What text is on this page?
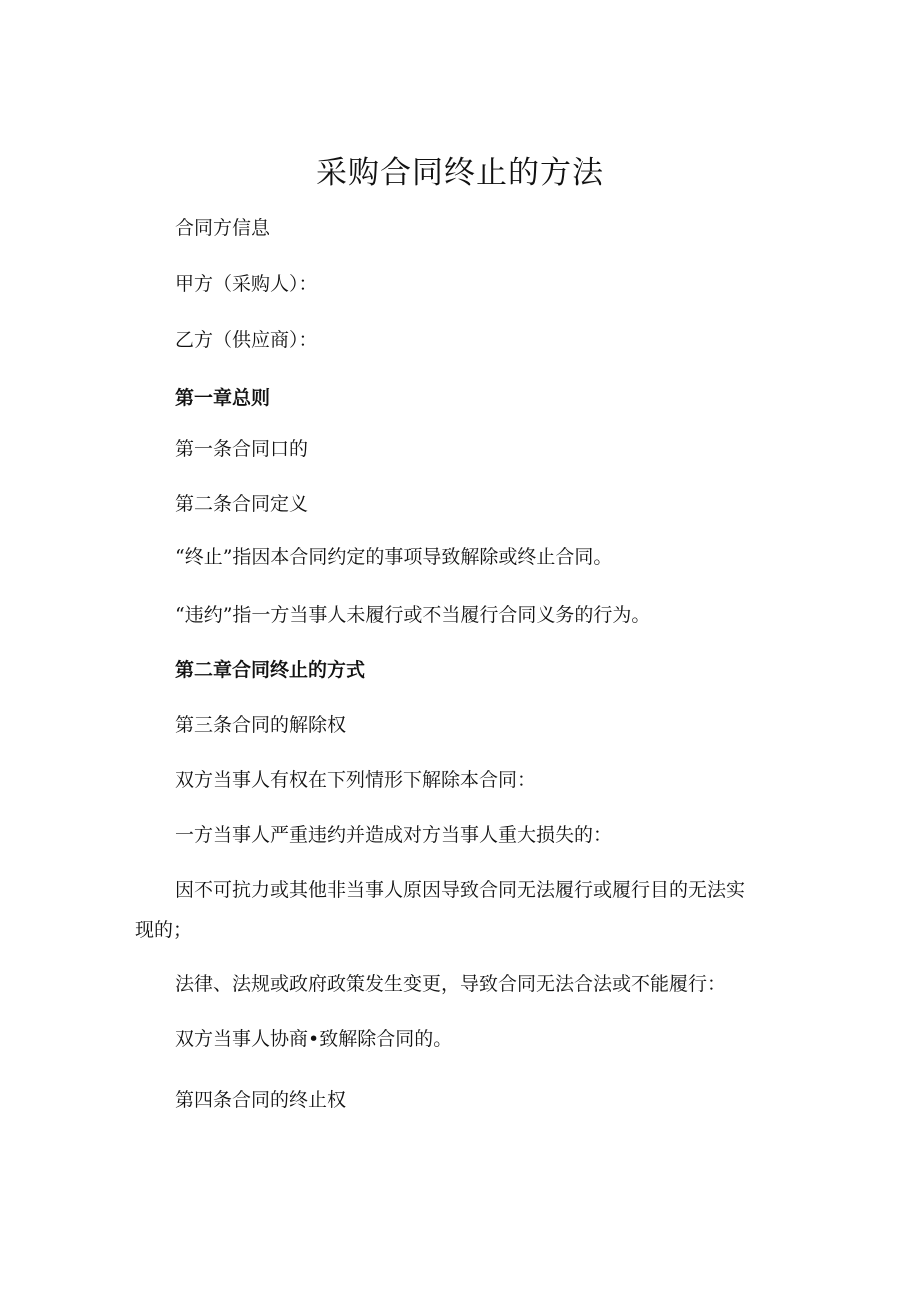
采购合同终止的方法

合同方信息

甲方（采购人）：

乙方（供应商）：

第一章总则

第一条合同口的

第二条合同定义

“终止”指因本合同约定的事项导致解除或终止合同。

“违约”指一方当事人未履行或不当履行合同义务的行为。

第二章合同终止的方式

第三条合同的解除权

双方当事人有权在下列情形下解除本合同：

一方当事人严重违约并造成对方当事人重大损失的：

因不可抗力或其他非当事人原因导致合同无法履行或履行目的无法实
现的；

法律、法规或政府政策发生变更，导致合同无法合法或不能履行：

双方当事人协商•致解除合同的。

第四条合同的终止权
